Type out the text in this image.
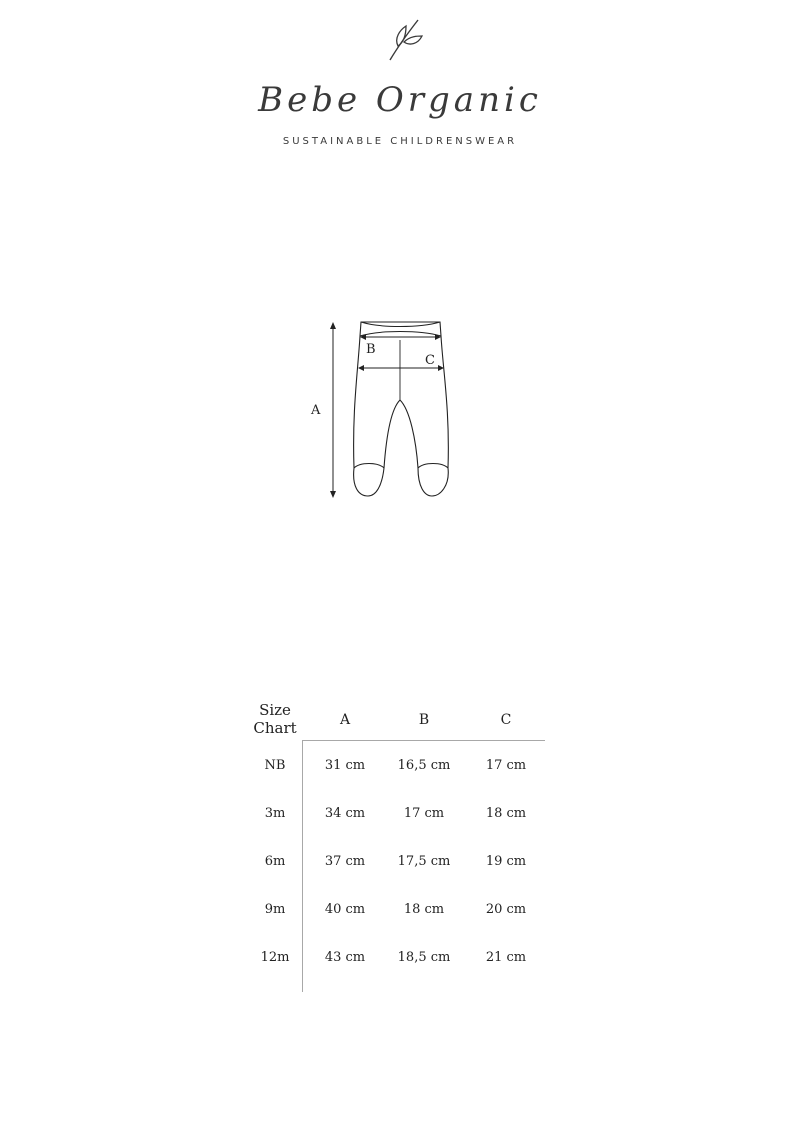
Bebe Organic
SUSTAINABLE CHILDRENSWEAR
A
B
C
Size
Chart	A	B	C
NB	31 cm	16,5 cm	17 cm
3m	34 cm	17 cm	18 cm
6m	37 cm	17,5 cm	19 cm
9m	40 cm	18 cm	20 cm
12m	43 cm	18,5 cm	21 cm
